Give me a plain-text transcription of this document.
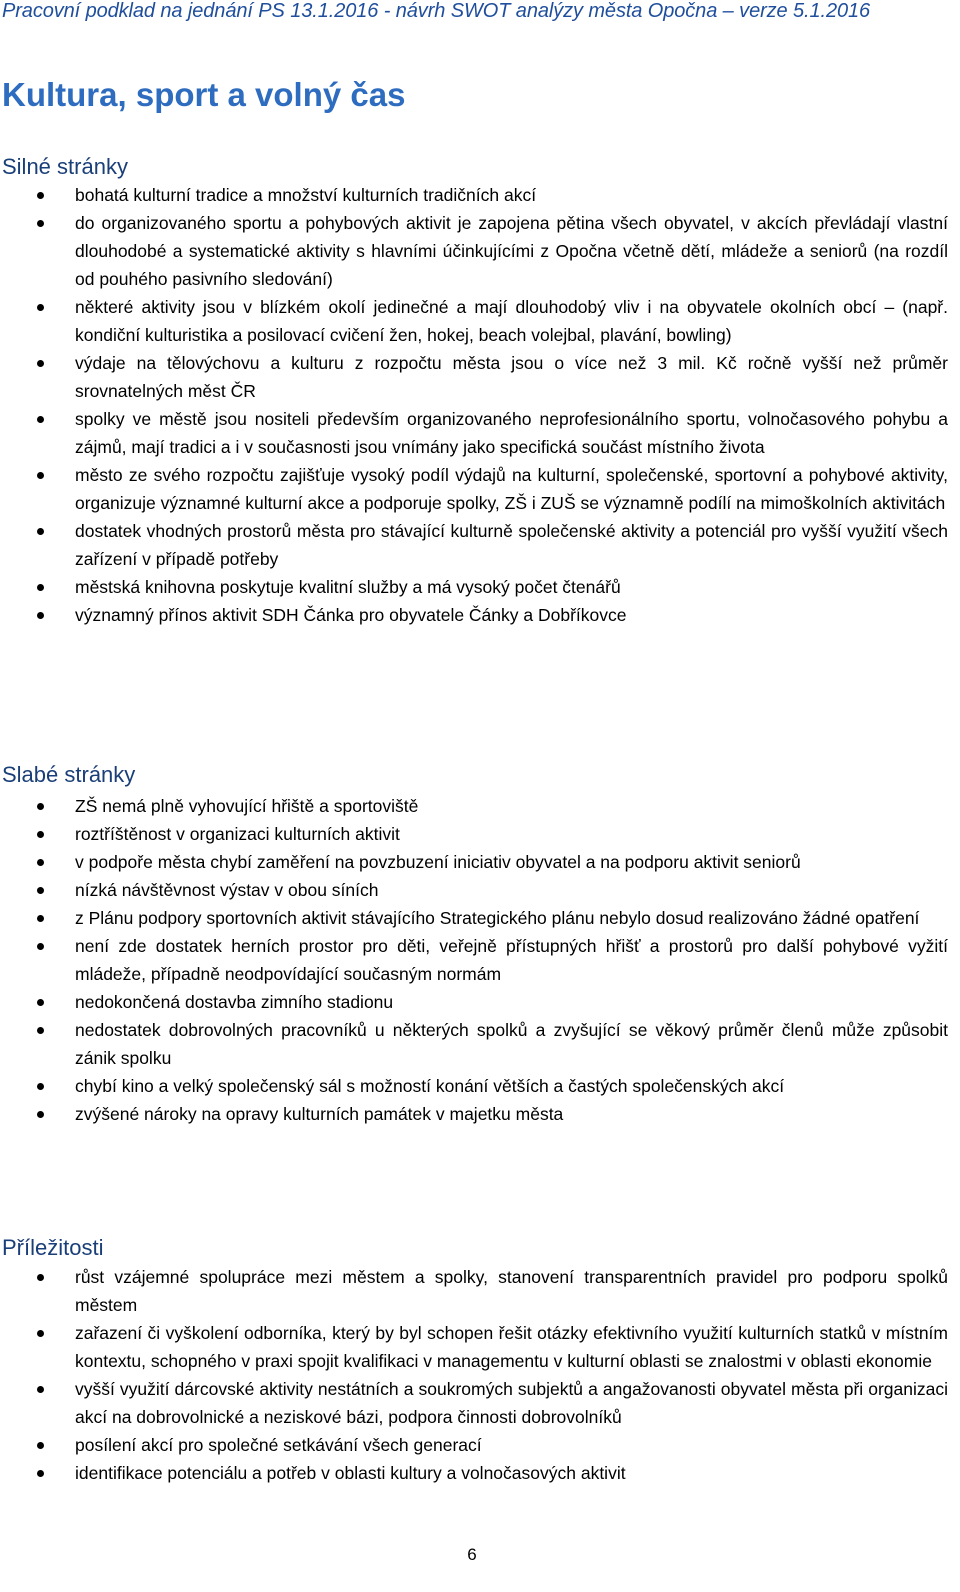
Pracovní podklad na jednání PS 13.1.2016 - návrh SWOT analýzy města Opočna – verze 5.1.2016
Kultura, sport a volný čas
Silné stránky
bohatá kulturní tradice a množství kulturních tradičních akcí
do organizovaného sportu a pohybových aktivit je zapojena pětina všech obyvatel, v akcích převládají vlastní dlouhodobé a systematické aktivity s hlavními účinkujícími z Opočna včetně dětí, mládeže a seniorů (na rozdíl od pouhého pasivního sledování)
některé aktivity jsou v blízkém okolí jedinečné a mají dlouhodobý vliv i na obyvatele okolních obcí – (např. kondiční kulturistika a posilovací cvičení žen, hokej, beach volejbal, plavání, bowling)
výdaje na tělovýchovu a kulturu z rozpočtu města jsou o více než 3 mil. Kč ročně vyšší než průměr srovnatelných měst ČR
spolky ve městě jsou nositeli především organizovaného neprofesionálního sportu, volnočasového pohybu a zájmů, mají tradici a i v současnosti jsou vnímány jako specifická součást místního života
město ze svého rozpočtu zajišťuje vysoký podíl výdajů na kulturní, společenské, sportovní a pohybové aktivity, organizuje významné kulturní akce a podporuje spolky, ZŠ i ZUŠ se významně podílí na mimoškolních aktivitách
dostatek vhodných prostorů města pro stávající kulturně společenské aktivity a potenciál pro vyšší využití všech zařízení v případě potřeby
městská knihovna poskytuje kvalitní služby a má vysoký počet čtenářů
významný přínos aktivit SDH Čánka pro obyvatele Čánky a Dobříkovce
Slabé stránky
ZŠ nemá plně vyhovující hřiště a sportoviště
roztříštěnost v organizaci kulturních aktivit
v podpoře města chybí zaměření na povzbuzení iniciativ obyvatel a na podporu aktivit seniorů
nízká návštěvnost výstav v obou síních
z Plánu podpory sportovních aktivit stávajícího Strategického plánu nebylo dosud realizováno žádné opatření
není zde dostatek herních prostor pro děti, veřejně přístupných hřišť a prostorů pro další pohybové vyžití mládeže, případně neodpovídající současným normám
nedokončená dostavba zimního stadionu
nedostatek dobrovolných pracovníků u některých spolků a zvyšující se věkový průměr členů může způsobit zánik spolku
chybí kino a velký společenský sál s možností konání větších a častých společenských akcí
zvýšené nároky na opravy kulturních památek v majetku města
Příležitosti
růst vzájemné spolupráce mezi městem a spolky, stanovení transparentních pravidel pro podporu spolků městem
zařazení či vyškolení odborníka, který by byl schopen řešit otázky efektivního využití kulturních statků v místním kontextu, schopného v praxi spojit kvalifikaci v managementu v kulturní oblasti se znalostmi v oblasti ekonomie
vyšší využití dárcovské aktivity nestátních a soukromých subjektů a angažovanosti obyvatel města při organizaci akcí na dobrovolnické a neziskové bázi, podpora činnosti dobrovolníků
posílení akcí pro společné setkávání všech generací
identifikace potenciálu a potřeb v oblasti kultury a volnočasových aktivit
6
